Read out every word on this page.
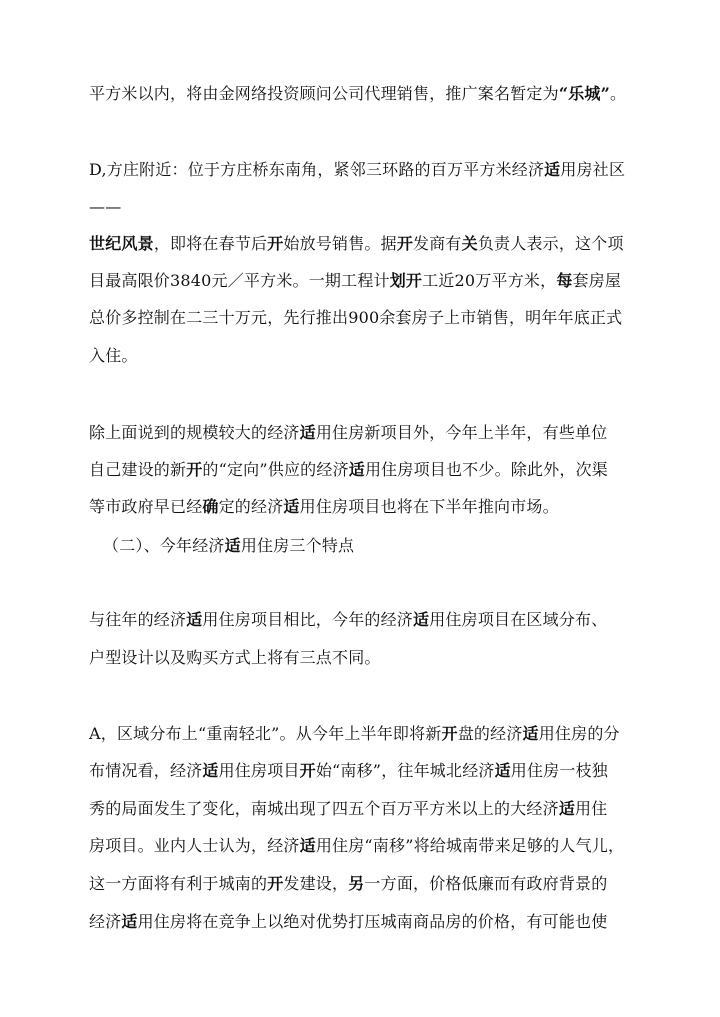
平方米以内，将由金网络投资顾问公司代理销售，推广案名暂定为“乐城”。
D,方庄附近：位于方庄桥东南角，紧邻三环路的百万平方米经济适用房社区
——
世纪风景，即将在春节后开始放号销售。据开发商有关负责人表示，这个项
目最高限价3840元／平方米。一期工程计划开工近20万平方米，每套房屋
总价多控制在二三十万元，先行推出900余套房子上市销售，明年年底正式
入住。
除上面说到的规模较大的经济适用住房新项目外，今年上半年，有些单位
自己建设的新开的“定向”供应的经济适用住房项目也不少。除此外，次渠
等市政府早已经确定的经济适用住房项目也将在下半年推向市场。
（二）、今年经济适用住房三个特点
与往年的经济适用住房项目相比，今年的经济适用住房项目在区域分布、
户型设计以及购买方式上将有三点不同。
A，区域分布上“重南轻北”。从今年上半年即将新开盘的经济适用住房的分
布情况看，经济适用住房项目开始“南移”，往年城北经济适用住房一枝独
秀的局面发生了变化，南城出现了四五个百万平方米以上的大经济适用住
房项目。业内人士认为，经济适用住房“南移”将给城南带来足够的人气儿，
这一方面将有利于城南的开发建设，另一方面，价格低廉而有政府背景的
经济适用住房将在竞争上以绝对优势打压城南商品房的价格，有可能也使
